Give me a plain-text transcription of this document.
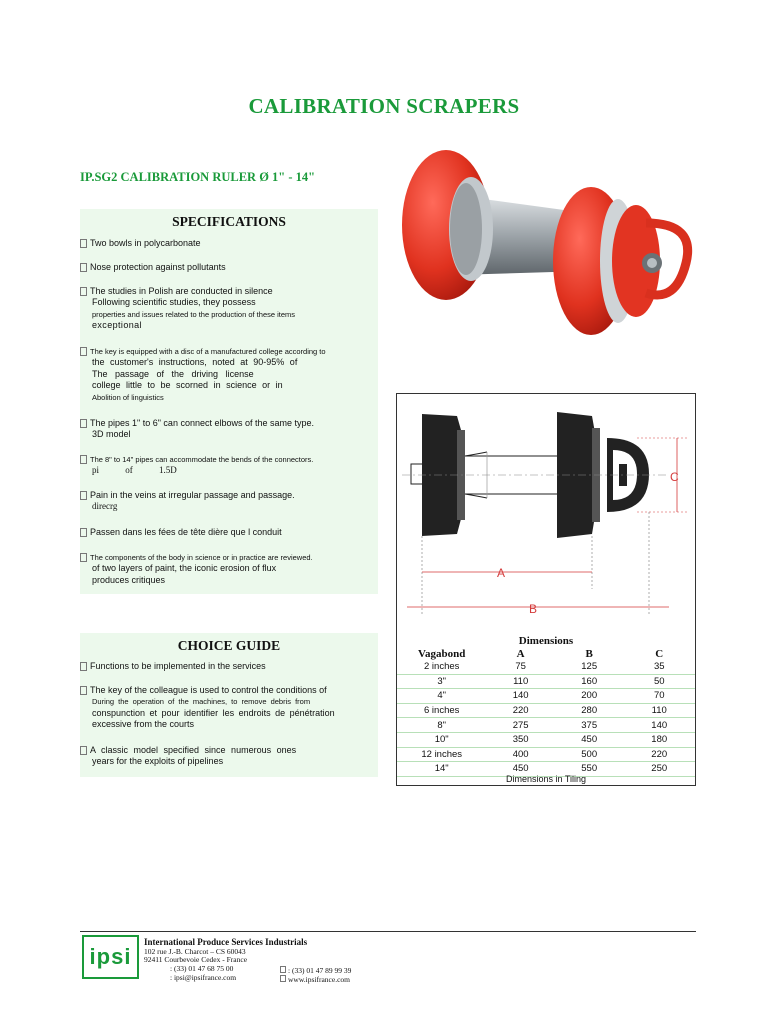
CALIBRATION SCRAPERS
IP.SG2 CALIBRATION RULER Ø 1" - 14"
SPECIFICATIONS
Two bowls in polycarbonate
Nose protection against pollutants
The studies in Polish are conducted in silence
Following scientific studies, they possess
properties and issues related to the production of these items
exceptional
The key is equipped with a disc of a manufactured college according to
the customer's instructions, noted at 90-95% of
The passage of the driving license
college little to be scorned in science or in
Abolition of linguistics
The pipes 1" to 6" can connect elbows of the same type.
3D model
The 8" to 14" pipes can accommodate the bends of the connectors.
pi of 1.5D
Pain in the veins at irregular passage and passage.
direcrg
Passen dans les fées de tête dière que l conduit
The components of the body in science or in practice are reviewed.
of two layers of paint, the iconic erosion of flux
produces critiques
CHOICE GUIDE
Functions to be implemented in the services
The key of the colleague is used to control the conditions of
During the operation of the machines, to remove debris from
conspunction et pour identifier les endroits de pénétration
excessive from the courts
A classic model specified since numerous ones
years for the exploits of pipelines
A
B
C
Dimensions
Vagabond	A	B	C
2 inches	75	125	35
3"	110	160	50
4"	140	200	70
6 inches	220	280	110
8"	275	375	140
10"	350	450	180
12 inches	400	500	220
14"	450	550	250
Dimensions in Tiling
ipsi
International Produce Services Industrials
102 rue J.-B. Charcot – CS 60043
92411 Courbevoie Cedex - France
: (33) 01 47 68 75 00	: (33) 01 47 89 99 39
: ipsi@ipsifrance.com	www.ipsifrance.com
